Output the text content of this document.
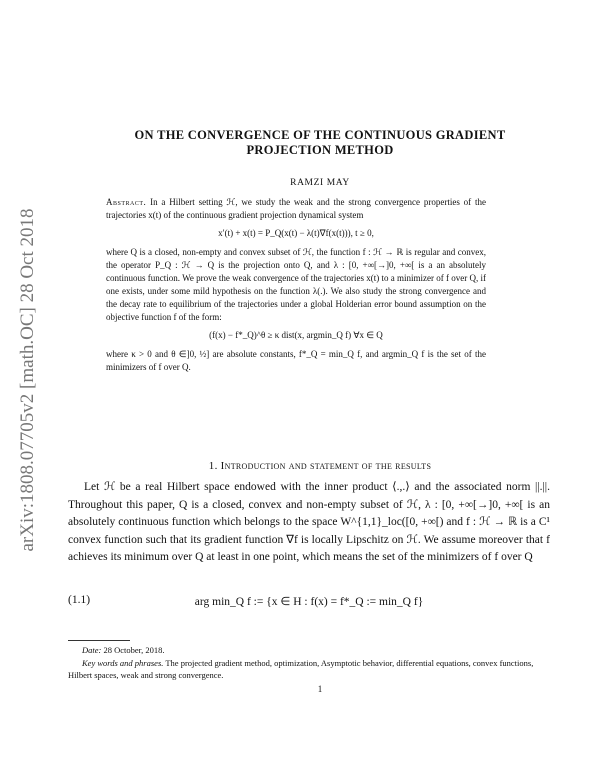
arXiv:1808.07705v2 [math.OC] 28 Oct 2018
ON THE CONVERGENCE OF THE CONTINUOUS GRADIENT
PROJECTION METHOD
RAMZI MAY

Abstract. In a Hilbert setting ℋ, we study the weak and the strong convergence properties of the trajectories x(t) of the continuous gradient projection dynamical system

x′(t) + x(t) = P_Q(x(t) − λ(t)∇f(x(t))), t ≥ 0,

where Q is a closed, non-empty and convex subset of ℋ, the function f : ℋ → ℝ is regular and convex, the operator P_Q : ℋ → Q is the projection onto Q, and λ : [0, +∞[→]0, +∞[ is a an absolutely continuous function. We prove the weak convergence of the trajectories x(t) to a minimizer of f over Q, if one exists, under some mild hypothesis on the function λ(.). We also study the strong convergence and the decay rate to equilibrium of the trajectories under a global Holderian error bound assumption on the objective function f of the form:

(f(x) − f*_Q)^θ ≥ κ dist(x, argmin_Q f) ∀x ∈ Q

where κ > 0 and θ ∈]0, ½] are absolute constants, f*_Q = min_Q f, and argmin_Q f is the set of the minimizers of f over Q.

1. Introduction and statement of the results

Let ℋ be a real Hilbert space endowed with the inner product ⟨.,.⟩ and the associated norm ||.||. Throughout this paper, Q is a closed, convex and non-empty subset of ℋ, λ : [0, +∞[→]0, +∞[ is an absolutely continuous function which belongs to the space W^{1,1}_loc([0, +∞[) and f : ℋ → ℝ is a C¹ convex function such that its gradient function ∇f is locally Lipschitz on ℋ. We assume moreover that f achieves its minimum over Q at least in one point, which means the set of the minimizers of f over Q

(1.1)	arg min_Q f := {x ∈ H : f(x) = f*_Q := min_Q f}

Date: 28 October, 2018.

Key words and phrases. The projected gradient method, optimization, Asymptotic behavior, differential equations, convex functions, Hilbert spaces, weak and strong convergence.

1
